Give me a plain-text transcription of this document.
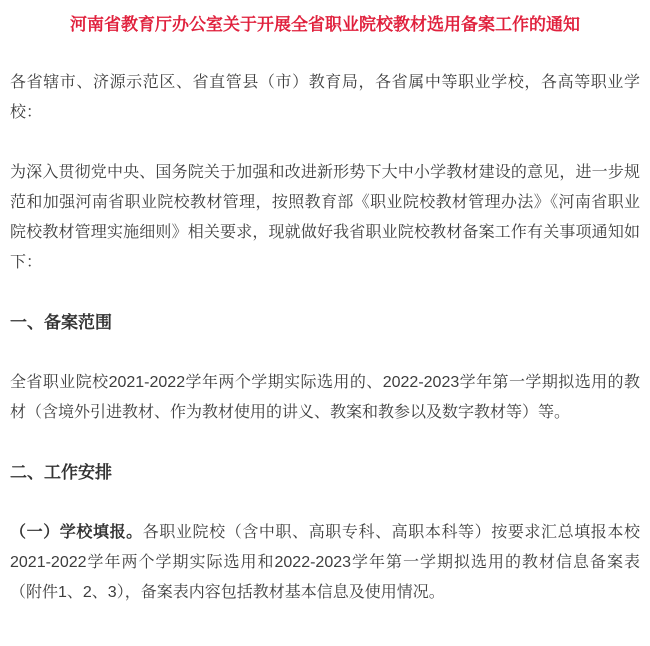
河南省教育厅办公室关于开展全省职业院校教材选用备案工作的通知

各省辖市、济源示范区、省直管县（市）教育局，各省属中等职业学校，各高等职业学校：

为深入贯彻党中央、国务院关于加强和改进新形势下大中小学教材建设的意见，进一步规范和加强河南省职业院校教材管理，按照教育部《职业院校教材管理办法》《河南省职业院校教材管理实施细则》相关要求，现就做好我省职业院校教材备案工作有关事项通知如下：

一、备案范围

全省职业院校2021-2022学年两个学期实际选用的、2022-2023学年第一学期拟选用的教材（含境外引进教材、作为教材使用的讲义、教案和教参以及数字教材等）等。

二、工作安排

（一）学校填报。各职业院校（含中职、高职专科、高职本科等）按要求汇总填报本校2021-2022学年两个学期实际选用和2022-2023学年第一学期拟选用的教材信息备案表（附件1、2、3），备案表内容包括教材基本信息及使用情况。
